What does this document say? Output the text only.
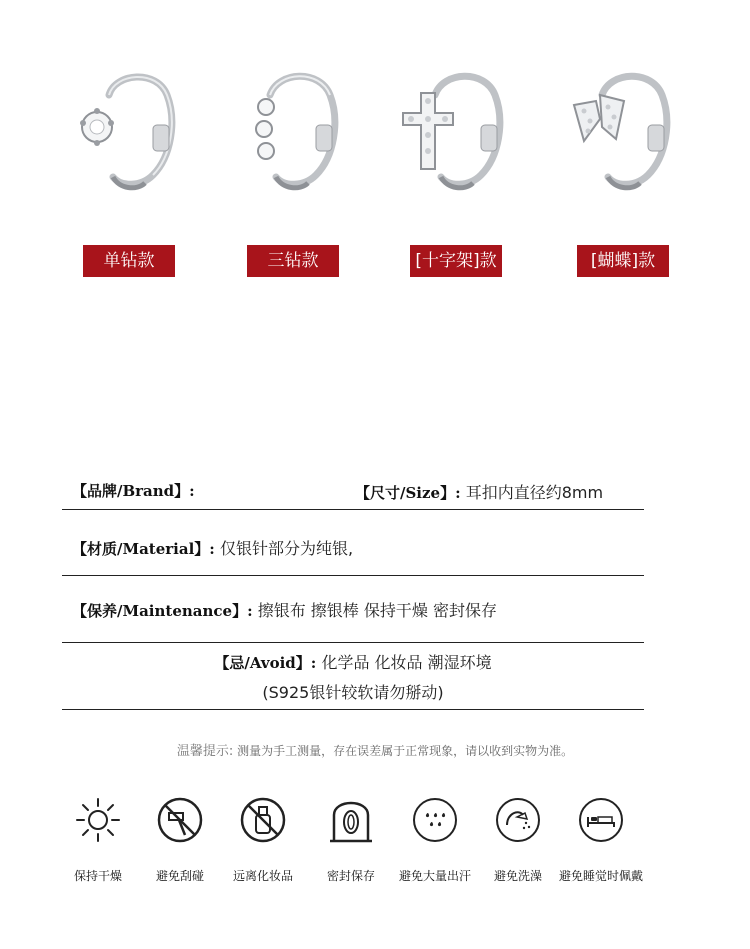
单钻款	三钻款	[十字架]款	[蝴蝶]款
【品牌/Brand】:	【尺寸/Size】: 耳扣内直径约8mm
【材质/Material】: 仅银针部分为纯银,
【保养/Maintenance】: 擦银布 擦银棒 保持干燥 密封保存
【忌/Avoid】: 化学品 化妆品 潮湿环境
(S925银针较软请勿掰动)
温馨提示: 测量为手工测量，存在误差属于正常现象，请以收到实物为准。
保持干燥	避免刮碰	远离化妆品	密封保存	避免大量出汗	避免洗澡	避免睡觉时佩戴
